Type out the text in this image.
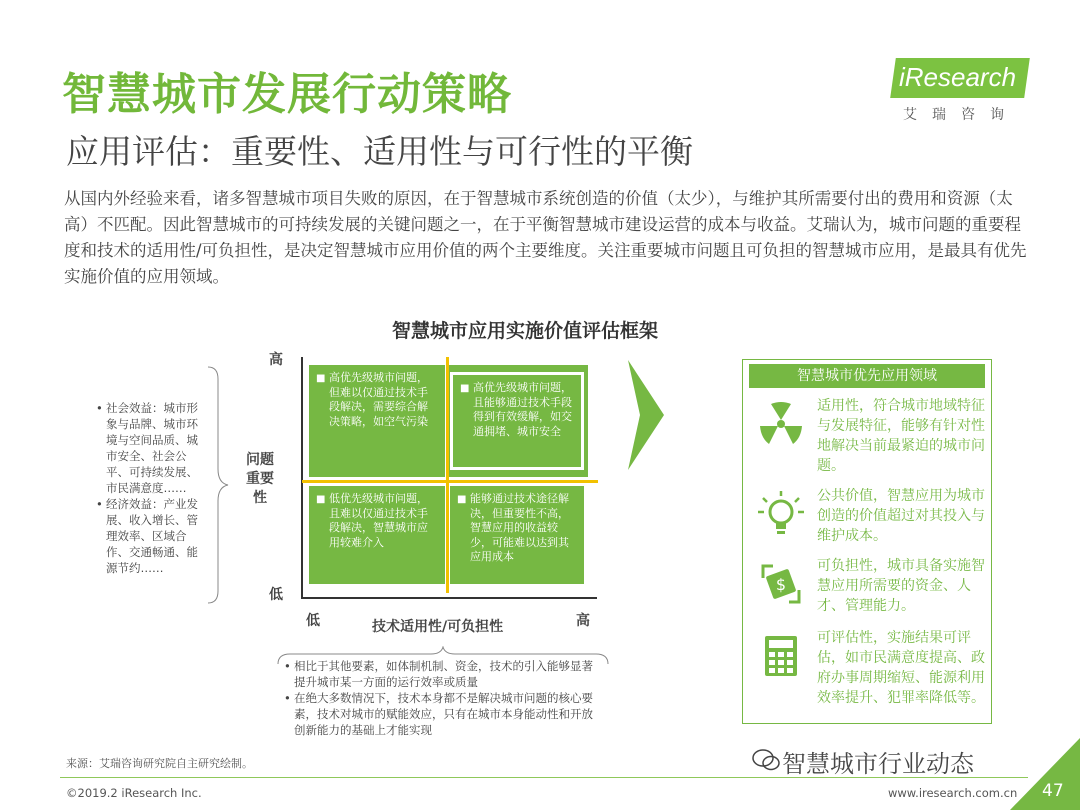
智慧城市发展行动策略
应用评估：重要性、适用性与可行性的平衡
iResearch
艾瑞咨询
从国内外经验来看，诸多智慧城市项目失败的原因，在于智慧城市系统创造的价值（太少），与维护其所需要付出的费用和资源（太高）不匹配。因此智慧城市的可持续发展的关键问题之一，在于平衡智慧城市建设运营的成本与收益。艾瑞认为，城市问题的重要程度和技术的适用性/可负担性，是决定智慧城市应用价值的两个主要维度。关注重要城市问题且可负担的智慧城市应用，是最具有优先实施价值的应用领域。
智慧城市应用实施价值评估框架
• 社会效益：城市形象与品牌、城市环境与空间品质、城市安全、社会公平、可持续发展、市民满意度……
• 经济效益：产业发展、收入增长、管理效率、区域合作、交通畅通、能源节约……
高
低
问题重要性
低	高
技术适用性/可负担性
■ 高优先级城市问题，但难以仅通过技术手段解决，需要综合解决策略，如空气污染
■ 高优先级城市问题，且能够通过技术手段得到有效缓解，如交通拥堵、城市安全
■ 低优先级城市问题，且难以仅通过技术手段解决，智慧城市应用较难介入
■ 能够通过技术途径解决，但重要性不高，智慧应用的收益较少，可能难以达到其应用成本
• 相比于其他要素，如体制机制、资金，技术的引入能够显著提升城市某一方面的运行效率或质量
• 在绝大多数情况下，技术本身都不是解决城市问题的核心要素，技术对城市的赋能效应，只有在城市本身能动性和开放创新能力的基础上才能实现
智慧城市优先应用领域
适用性，符合城市地域特征与发展特征，能够有针对性地解决当前最紧迫的城市问题。
公共价值，智慧应用为城市创造的价值超过对其投入与维护成本。
$
可负担性，城市具备实施智慧应用所需要的资金、人才、管理能力。
可评估性，实施结果可评估，如市民满意度提高、政府办事周期缩短、能源利用效率提升、犯罪率降低等。
来源：艾瑞咨询研究院自主研究绘制。
©2019.2 iResearch Inc.	www.iresearch.com.cn 47
智慧城市行业动态
